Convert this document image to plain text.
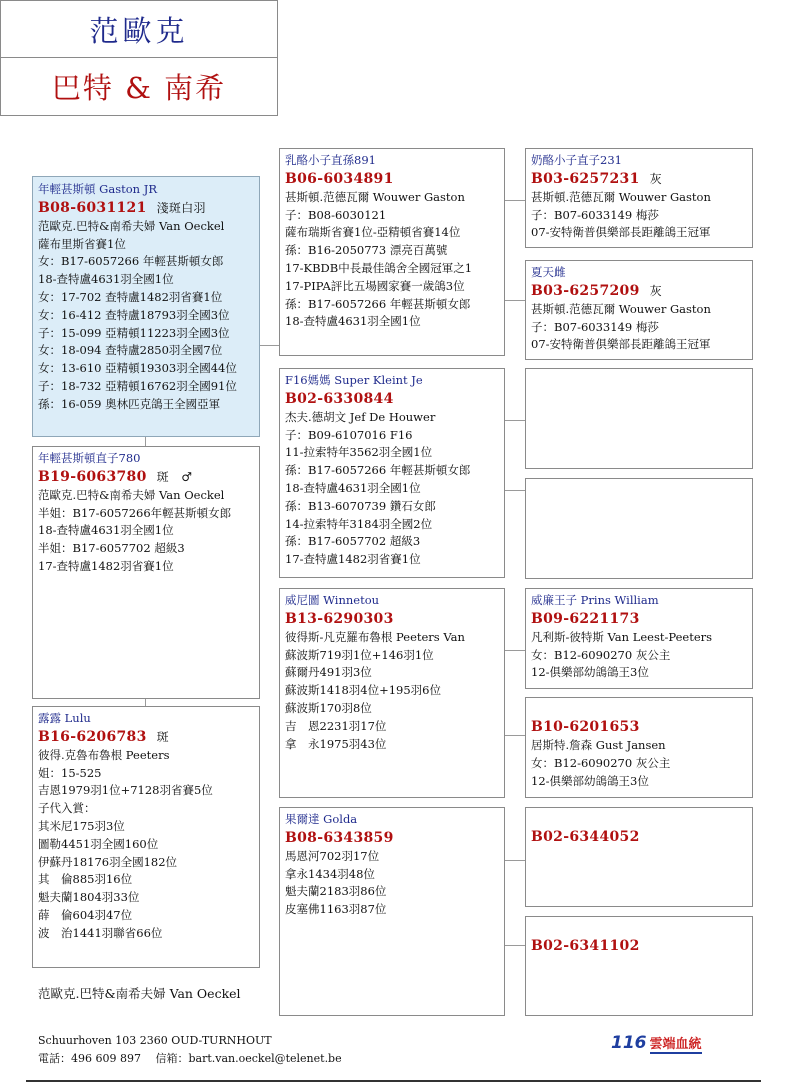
范歐克
巴特 & 南希
年輕甚斯頓 Gaston JR
B08-6031121 淺斑白羽
范歐克.巴特&南希夫婦 Van Oeckel
薩布里斯省賽1位
女：B17-6057266 年輕甚斯頓女郎
18-查特盧4631羽全國1位
女：17-702 查特盧1482羽省賽1位
女：16-412 查特盧18793羽全國3位
子：15-099 亞精頓11223羽全國3位
女：18-094 查特盧2850羽全國7位
女：13-610 亞精頓19303羽全國44位
子：18-732 亞精頓16762羽全國91位
孫：16-059 奧林匹克鴿王全國亞軍
年輕甚斯頓直子780
B19-6063780 斑　♂
范歐克.巴特&南希夫婦 Van Oeckel
半姐：B17-6057266年輕甚斯頓女郎
18-查特盧4631羽全國1位
半姐：B17-6057702 超級3
17-查特盧1482羽省賽1位
露露 Lulu
B16-6206783 斑
彼得.克魯布魯根 Peeters
姐：15-525
吉恩1979羽1位+7128羽省賽5位
子代入賞：
其米尼175羽3位
圖勒4451羽全國160位
伊蘇丹18176羽全國182位
其　倫885羽16位
魁夫蘭1804羽33位
薛　倫604羽47位
波　治1441羽聯省66位
乳酪小子直孫891
B06-6034891
甚斯頓.范德瓦爾 Wouwer Gaston
子：B08-6030121
薩布瑞斯省賽1位-亞精頓省賽14位
孫：B16-2050773 漂亮百萬號
17-KBDB中長最佳鴿舍全國冠軍之1
17-PIPA評比五場國家賽一歲鴿3位
孫：B17-6057266 年輕甚斯頓女郎
18-查特盧4631羽全國1位
F16媽媽 Super Kleint Je
B02-6330844
杰夫.德胡文 Jef De Houwer
子：B09-6107016 F16
11-拉索特年3562羽全國1位
孫：B17-6057266 年輕甚斯頓女郎
18-查特盧4631羽全國1位
孫：B13-6070739 鑽石女郎
14-拉索特年3184羽全國2位
孫：B17-6057702 超級3
17-查特盧1482羽省賽1位
威尼圖 Winnetou
B13-6290303
彼得斯-凡克羅布魯根 Peeters Van
蘇波斯719羽1位+146羽1位
蘇爾丹491羽3位
蘇波斯1418羽4位+195羽6位
蘇波斯170羽8位
吉　恩2231羽17位
拿　永1975羽43位
果爾達 Golda
B08-6343859
馬恩河702羽17位
拿永1434羽48位
魁夫蘭2183羽86位
皮塞佛1163羽87位
奶酪小子直子231
B03-6257231 灰
甚斯頓.范德瓦爾 Wouwer Gaston
子：B07-6033149 梅莎
07-安特衛普俱樂部長距離鴿王冠軍
夏天雌
B03-6257209 灰
甚斯頓.范德瓦爾 Wouwer Gaston
子：B07-6033149 梅莎
07-安特衛普俱樂部長距離鴿王冠軍
威廉王子 Prins William
B09-6221173
凡利斯-彼特斯 Van Leest-Peeters
女：B12-6090270 灰公主
12-俱樂部幼鴿鴿王3位
B10-6201653
居斯特.詹森 Gust Jansen
女：B12-6090270 灰公主
12-俱樂部幼鴿鴿王3位
B02-6344052
B02-6341102
范歐克.巴特&南希夫婦 Van Oeckel
Schuurhoven 103 2360 OUD-TURNHOUT
電話：496 609 897　 信箱：bart.van.oeckel@telenet.be
116 雲端血統
